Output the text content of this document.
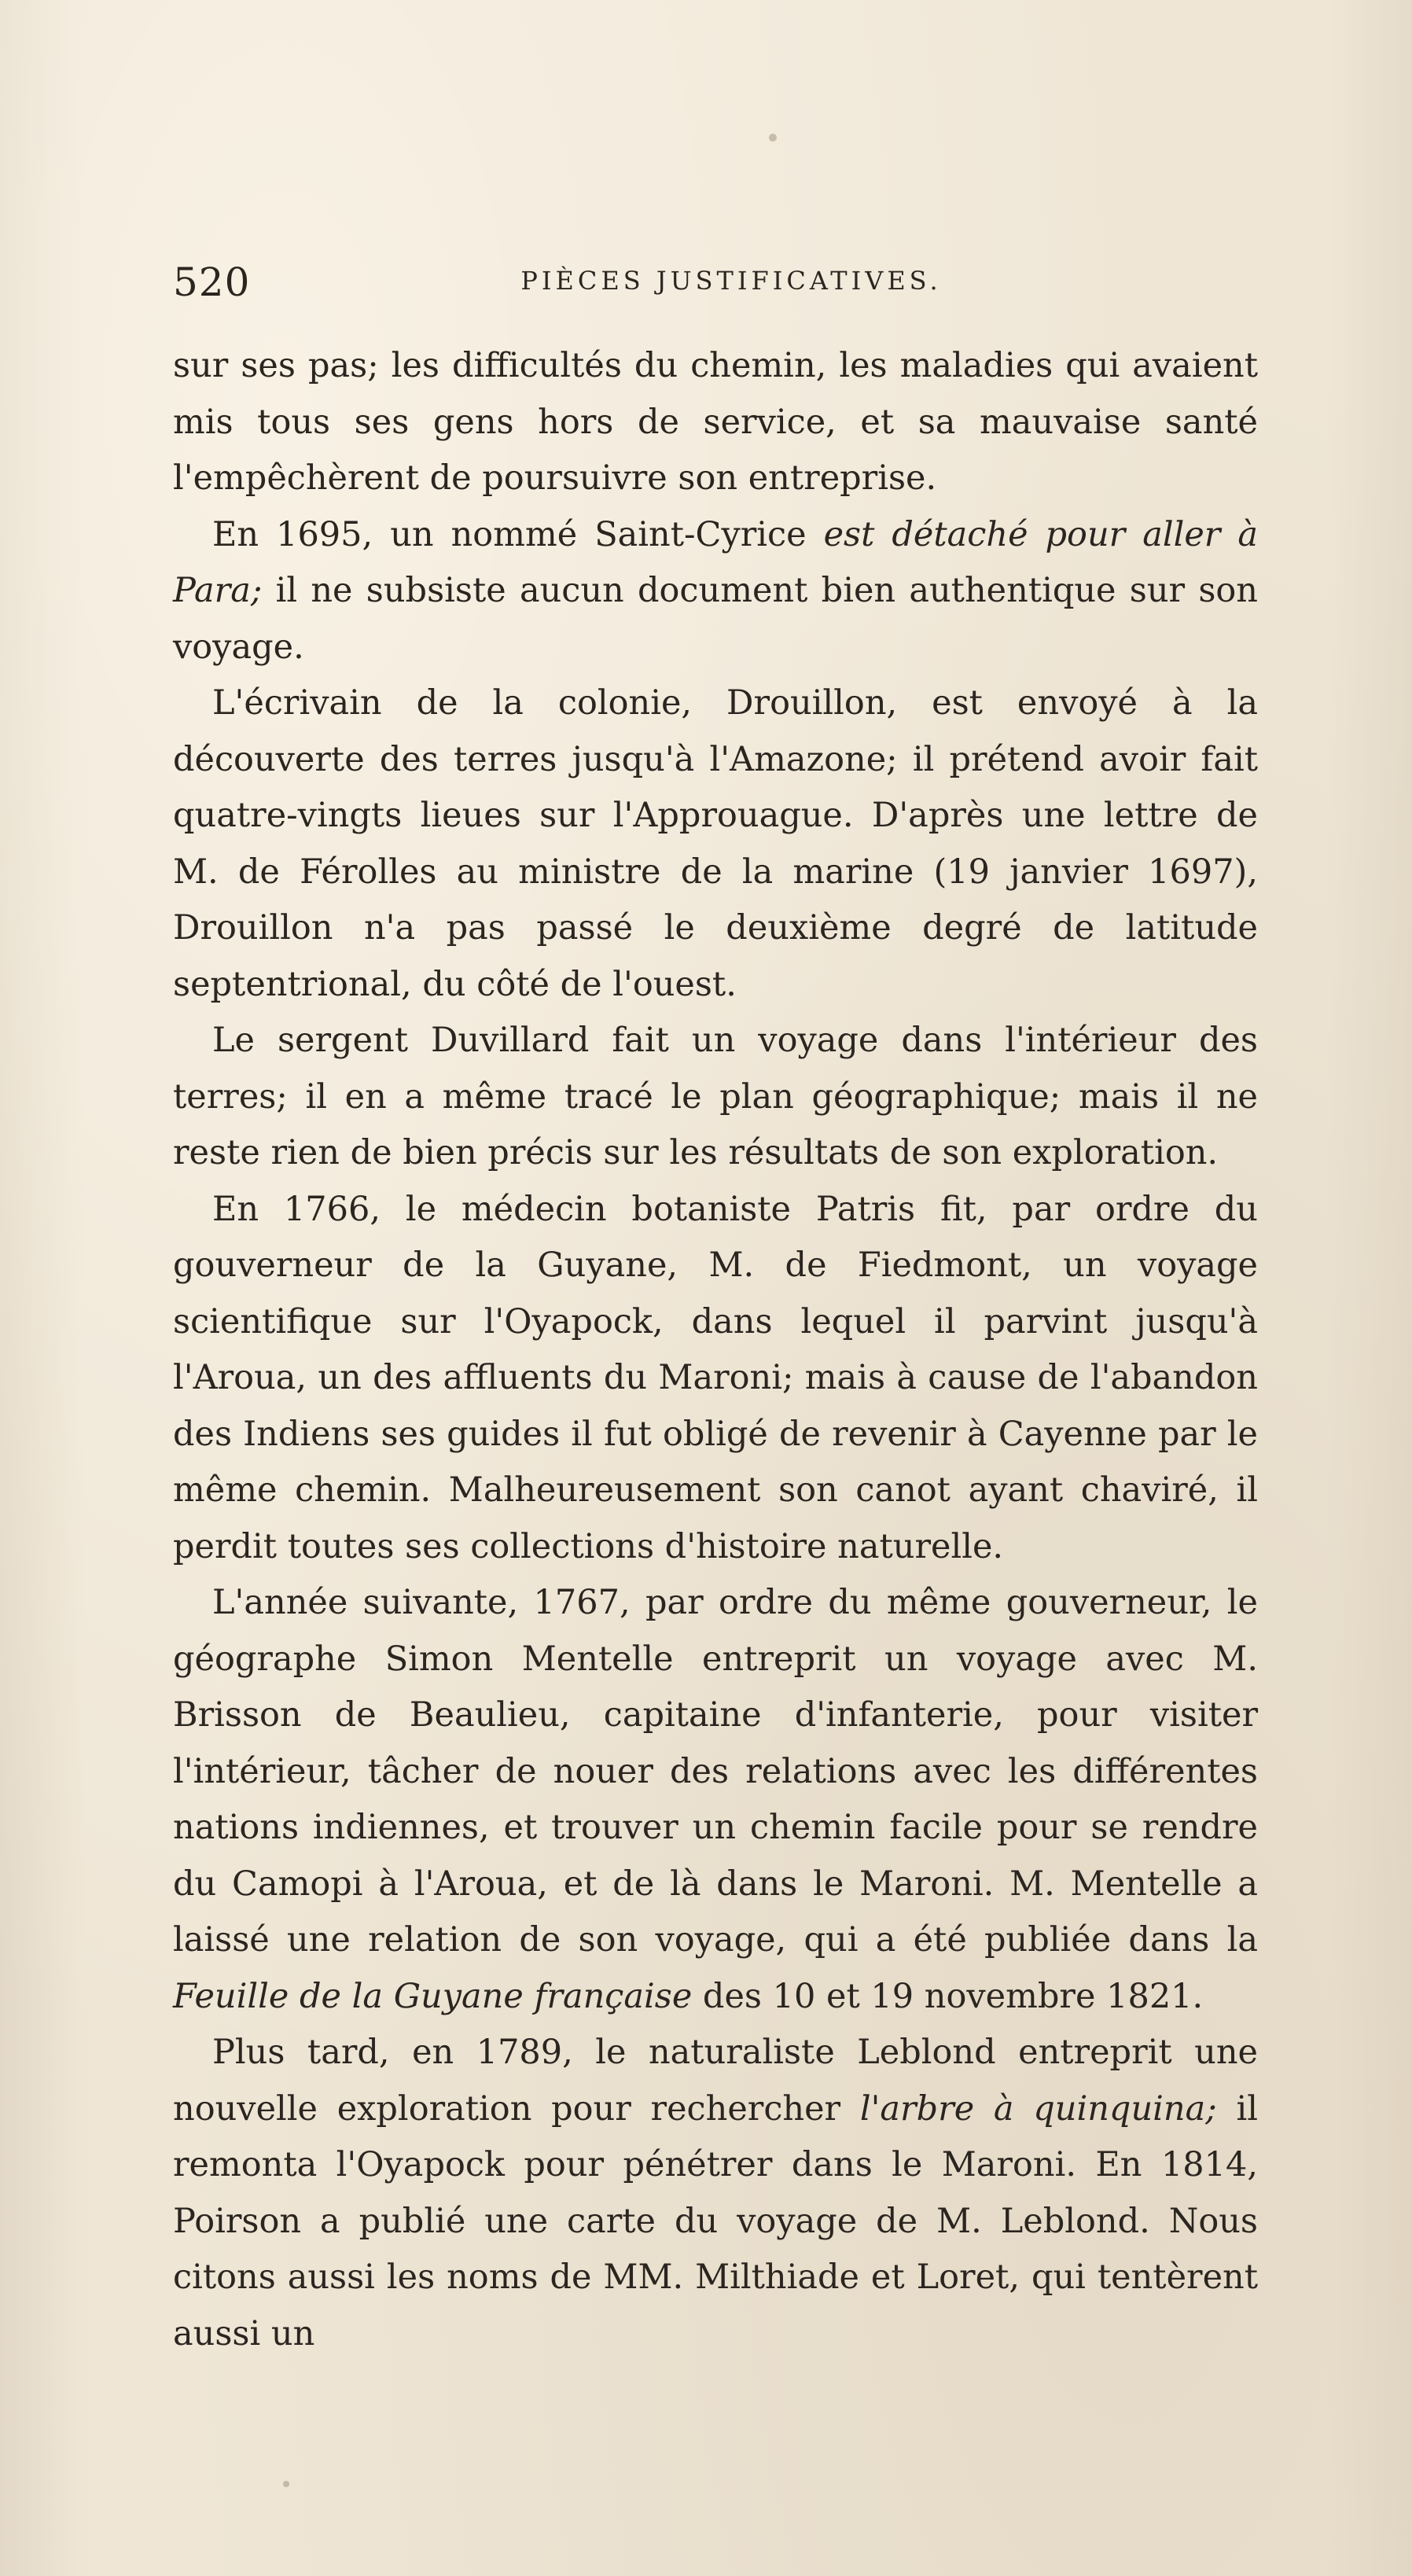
520	PIÈCES JUSTIFICATIVES.

sur ses pas; les difficultés du chemin, les maladies qui avaient mis tous ses gens hors de service, et sa mauvaise santé l'empêchèrent de poursuivre son entreprise.

En 1695, un nommé Saint-Cyrice est détaché pour aller à Para; il ne subsiste aucun document bien authentique sur son voyage.

L'écrivain de la colonie, Drouillon, est envoyé à la découverte des terres jusqu'à l'Amazone; il prétend avoir fait quatre-vingts lieues sur l'Approuague. D'après une lettre de M. de Férolles au ministre de la marine (19 janvier 1697), Drouillon n'a pas passé le deuxième degré de latitude septentrional, du côté de l'ouest.

Le sergent Duvillard fait un voyage dans l'intérieur des terres; il en a même tracé le plan géographique; mais il ne reste rien de bien précis sur les résultats de son exploration.

En 1766, le médecin botaniste Patris fit, par ordre du gouverneur de la Guyane, M. de Fiedmont, un voyage scientifique sur l'Oyapock, dans lequel il parvint jusqu'à l'Aroua, un des affluents du Maroni; mais à cause de l'abandon des Indiens ses guides il fut obligé de revenir à Cayenne par le même chemin. Malheureusement son canot ayant chaviré, il perdit toutes ses collections d'histoire naturelle.

L'année suivante, 1767, par ordre du même gouverneur, le géographe Simon Mentelle entreprit un voyage avec M. Brisson de Beaulieu, capitaine d'infanterie, pour visiter l'intérieur, tâcher de nouer des relations avec les différentes nations indiennes, et trouver un chemin facile pour se rendre du Camopi à l'Aroua, et de là dans le Maroni. M. Mentelle a laissé une relation de son voyage, qui a été publiée dans la Feuille de la Guyane française des 10 et 19 novembre 1821.

Plus tard, en 1789, le naturaliste Leblond entreprit une nouvelle exploration pour rechercher l'arbre à quinquina; il remonta l'Oyapock pour pénétrer dans le Maroni. En 1814, Poirson a publié une carte du voyage de M. Leblond. Nous citons aussi les noms de MM. Milthiade et Loret, qui tentèrent aussi un
